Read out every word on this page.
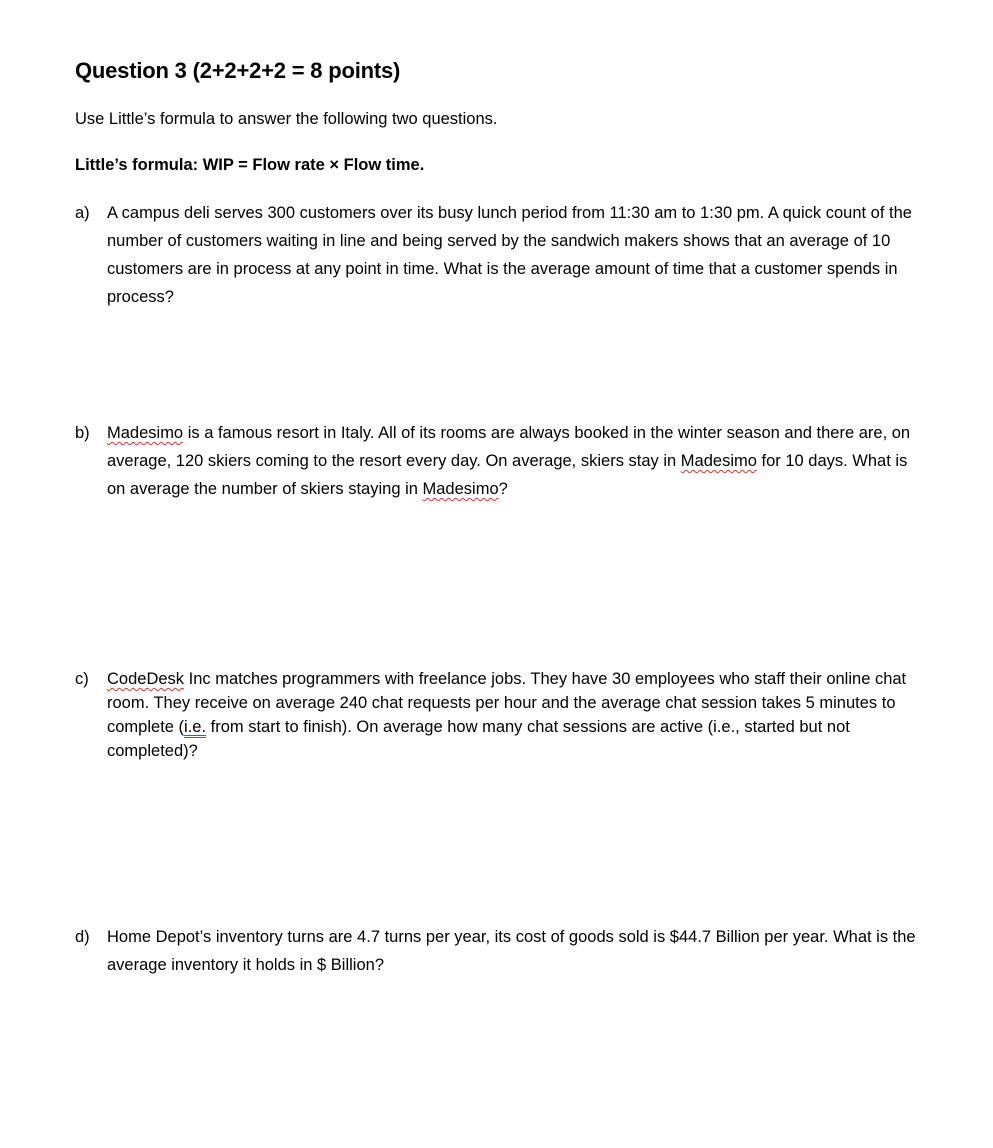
Question 3 (2+2+2+2 = 8 points)

Use Little’s formula to answer the following two questions.

Little’s formula: WIP = Flow rate × Flow time.

a) A campus deli serves 300 customers over its busy lunch period from 11:30 am to 1:30 pm. A quick count of the number of customers waiting in line and being served by the sandwich makers shows that an average of 10 customers are in process at any point in time. What is the average amount of time that a customer spends in process?
b) Madesimo is a famous resort in Italy. All of its rooms are always booked in the winter season and there are, on average, 120 skiers coming to the resort every day. On average, skiers stay in Madesimo for 10 days. What is on average the number of skiers staying in Madesimo?
c) CodeDesk Inc matches programmers with freelance jobs. They have 30 employees who staff their online chat room. They receive on average 240 chat requests per hour and the average chat session takes 5 minutes to complete (i.e. from start to finish). On average how many chat sessions are active (i.e., started but not completed)?
d) Home Depot’s inventory turns are 4.7 turns per year, its cost of goods sold is $44.7 Billion per year. What is the average inventory it holds in $ Billion?
